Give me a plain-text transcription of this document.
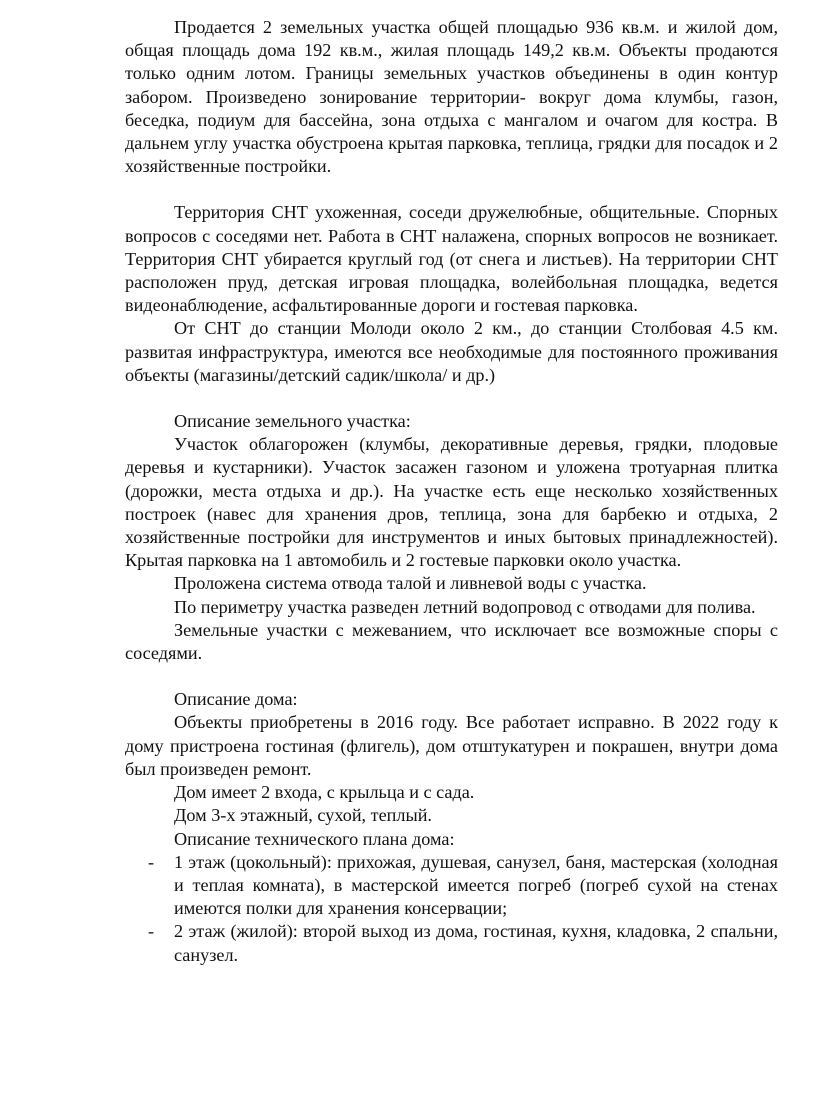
Продается 2 земельных участка общей площадью 936 кв.м. и жилой дом, общая площадь дома 192 кв.м., жилая площадь 149,2 кв.м. Объекты продаются только одним лотом. Границы земельных участков объединены в один контур забором. Произведено зонирование территории- вокруг дома клумбы, газон, беседка, подиум для бассейна, зона отдыха с мангалом и очагом для костра. В дальнем углу участка обустроена крытая парковка, теплица, грядки для посадок и 2 хозяйственные постройки.

Территория СНТ ухоженная, соседи дружелюбные, общительные. Спорных вопросов с соседями нет. Работа в СНТ налажена, спорных вопросов не возникает. Территория СНТ убирается круглый год (от снега и листьев). На территории СНТ расположен пруд, детская игровая площадка, волейбольная площадка, ведется видеонаблюдение, асфальтированные дороги и гостевая парковка.

От СНТ до станции Молоди около 2 км., до станции Столбовая 4.5 км. развитая инфраструктура, имеются все необходимые для постоянного проживания объекты (магазины/детский садик/школа/ и др.)

Описание земельного участка:

Участок облагорожен (клумбы, декоративные деревья, грядки, плодовые деревья и кустарники). Участок засажен газоном и уложена тротуарная плитка (дорожки, места отдыха и др.). На участке есть еще несколько хозяйственных построек (навес для хранения дров, теплица, зона для барбекю и отдыха, 2 хозяйственные постройки для инструментов и иных бытовых принадлежностей). Крытая парковка на 1 автомобиль и 2 гостевые парковки около участка.

Проложена система отвода талой и ливневой воды с участка.

По периметру участка разведен летний водопровод с отводами для полива.

Земельные участки с межеванием, что исключает все возможные споры с соседями.

Описание дома:

Объекты приобретены в 2016 году. Все работает исправно. В 2022 году к дому пристроена гостиная (флигель), дом отштукатурен и покрашен, внутри дома был произведен ремонт.

Дом имеет 2 входа, с крыльца и с сада.

Дом 3-х этажный, сухой, теплый.

Описание технического плана дома:

- 1 этаж (цокольный): прихожая, душевая, санузел, баня, мастерская (холодная и теплая комната), в мастерской имеется погреб (погреб сухой на стенах имеются полки для хранения консервации;
- 2 этаж (жилой): второй выход из дома, гостиная, кухня, кладовка, 2 спальни, санузел.
